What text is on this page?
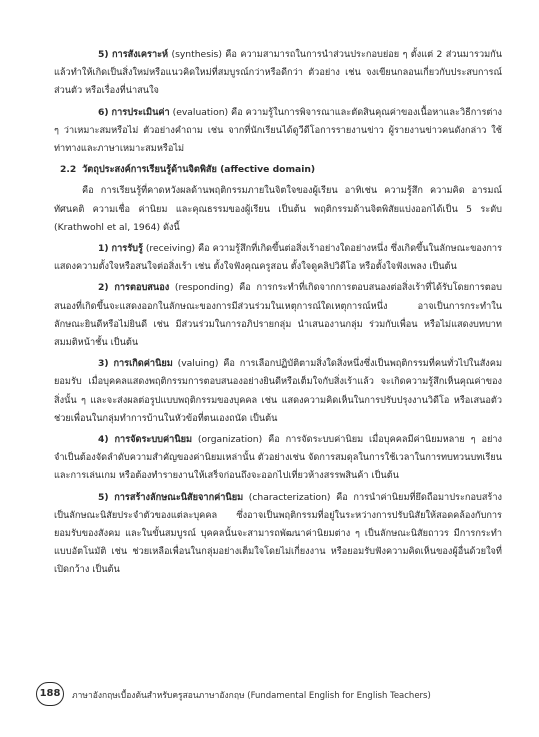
5) การสังเคราะห์ (synthesis) คือ ความสามารถในการนำส่วนประกอบย่อย ๆ ตั้งแต่ 2 ส่วนมารวมกัน แล้วทำให้เกิดเป็นสิ่งใหม่หรือแนวคิดใหม่ที่สมบูรณ์กว่าหรือดีกว่า ตัวอย่าง เช่น จงเขียนกลอนเกี่ยวกับประสบการณ์ส่วนตัว หรือเรื่องที่น่าสนใจ

6) การประเมินค่า (evaluation) คือ ความรู้ในการพิจารณาและตัดสินคุณค่าของเนื้อหาและวิธีการต่าง ๆ ว่าเหมาะสมหรือไม่ ตัวอย่างคำถาม เช่น จากที่นักเรียนได้ดูวีดีโอการรายงานข่าว ผู้รายงานข่าวคนดังกล่าว ใช้ท่าทางและภาษาเหมาะสมหรือไม่

2.2 วัตถุประสงค์การเรียนรู้ด้านจิตพิสัย (affective domain)

คือ การเรียนรู้ที่คาดหวังผลด้านพฤติกรรมภายในจิตใจของผู้เรียน อาทิเช่น ความรู้สึก ความคิด อารมณ์ ทัศนคติ ความเชื่อ ค่านิยม และคุณธรรมของผู้เรียน เป็นต้น พฤติกรรมด้านจิตพิสัยแบ่งออกได้เป็น 5 ระดับ (Krathwohl et al, 1964) ดังนี้

1) การรับรู้ (receiving) คือ ความรู้สึกที่เกิดขึ้นต่อสิ่งเร้าอย่างใดอย่างหนึ่ง ซึ่งเกิดขึ้นในลักษณะของการแสดงความตั้งใจหรือสนใจต่อสิ่งเร้า เช่น ตั้งใจฟังคุณครูสอน ตั้งใจดูคลิปวิดีโอ หรือตั้งใจฟังเพลง เป็นต้น

2) การตอบสนอง (responding) คือ การกระทำที่เกิดจากการตอบสนองต่อสิ่งเร้าที่ได้รับโดยการตอบสนองที่เกิดขึ้นจะแสดงออกในลักษณะของการมีส่วนร่วมในเหตุการณ์ใดเหตุการณ์หนึ่ง อาจเป็นการกระทำในลักษณะยินดีหรือไม่ยินดี เช่น มีส่วนร่วมในการอภิปรายกลุ่ม นำเสนองานกลุ่ม ร่วมกับเพื่อน หรือไม่แสดงบทบาทสมมติหน้าชั้น เป็นต้น

3) การเกิดค่านิยม (valuing) คือ การเลือกปฏิบัติตามสิ่งใดสิ่งหนึ่งซึ่งเป็นพฤติกรรมที่คนทั่วไปในสังคมยอมรับ เมื่อบุคคลแสดงพฤติกรรมการตอบสนองอย่างยินดีหรือเต็มใจกับสิ่งเร้าแล้ว จะเกิดความรู้สึกเห็นคุณค่าของสิ่งนั้น ๆ และจะส่งผลต่อรูปแบบพฤติกรรมของบุคคล เช่น แสดงความคิดเห็นในการปรับปรุงงานวิดีโอ หรือเสนอตัวช่วยเพื่อนในกลุ่มทำการบ้านในหัวข้อที่ตนเองถนัด เป็นต้น

4) การจัดระบบค่านิยม (organization) คือ การจัดระบบค่านิยม เมื่อบุคคลมีค่านิยมหลาย ๆ อย่าง จำเป็นต้องจัดลำดับความสำคัญของค่านิยมเหล่านั้น ตัวอย่างเช่น จัดการสมดุลในการใช้เวลาในการทบทวนบทเรียนและการเล่นเกม หรือต้องทำรายงานให้เสร็จก่อนถึงจะออกไปเที่ยวห้างสรรพสินค้า เป็นต้น

5) การสร้างลักษณะนิสัยจากค่านิยม (characterization) คือ การนำค่านิยมที่ยึดถือมาประกอบสร้างเป็นลักษณะนิสัยประจำตัวของแต่ละบุคคล ซึ่งอาจเป็นพฤติกรรมที่อยู่ในระหว่างการปรับนิสัยให้สอดคล้องกับการยอมรับของสังคม และในขั้นสมบูรณ์ บุคคลนั้นจะสามารถพัฒนาค่านิยมต่าง ๆ เป็นลักษณะนิสัยถาวร มีการกระทำแบบอัตโนมัติ เช่น ช่วยเหลือเพื่อนในกลุ่มอย่างเต็มใจโดยไม่เกี่ยงงาน หรือยอมรับฟังความคิดเห็นของผู้อื่นด้วยใจที่เปิดกว้าง เป็นต้น

188	ภาษาอังกฤษเบื้องต้นสำหรับครูสอนภาษาอังกฤษ (Fundamental English for English Teachers)
